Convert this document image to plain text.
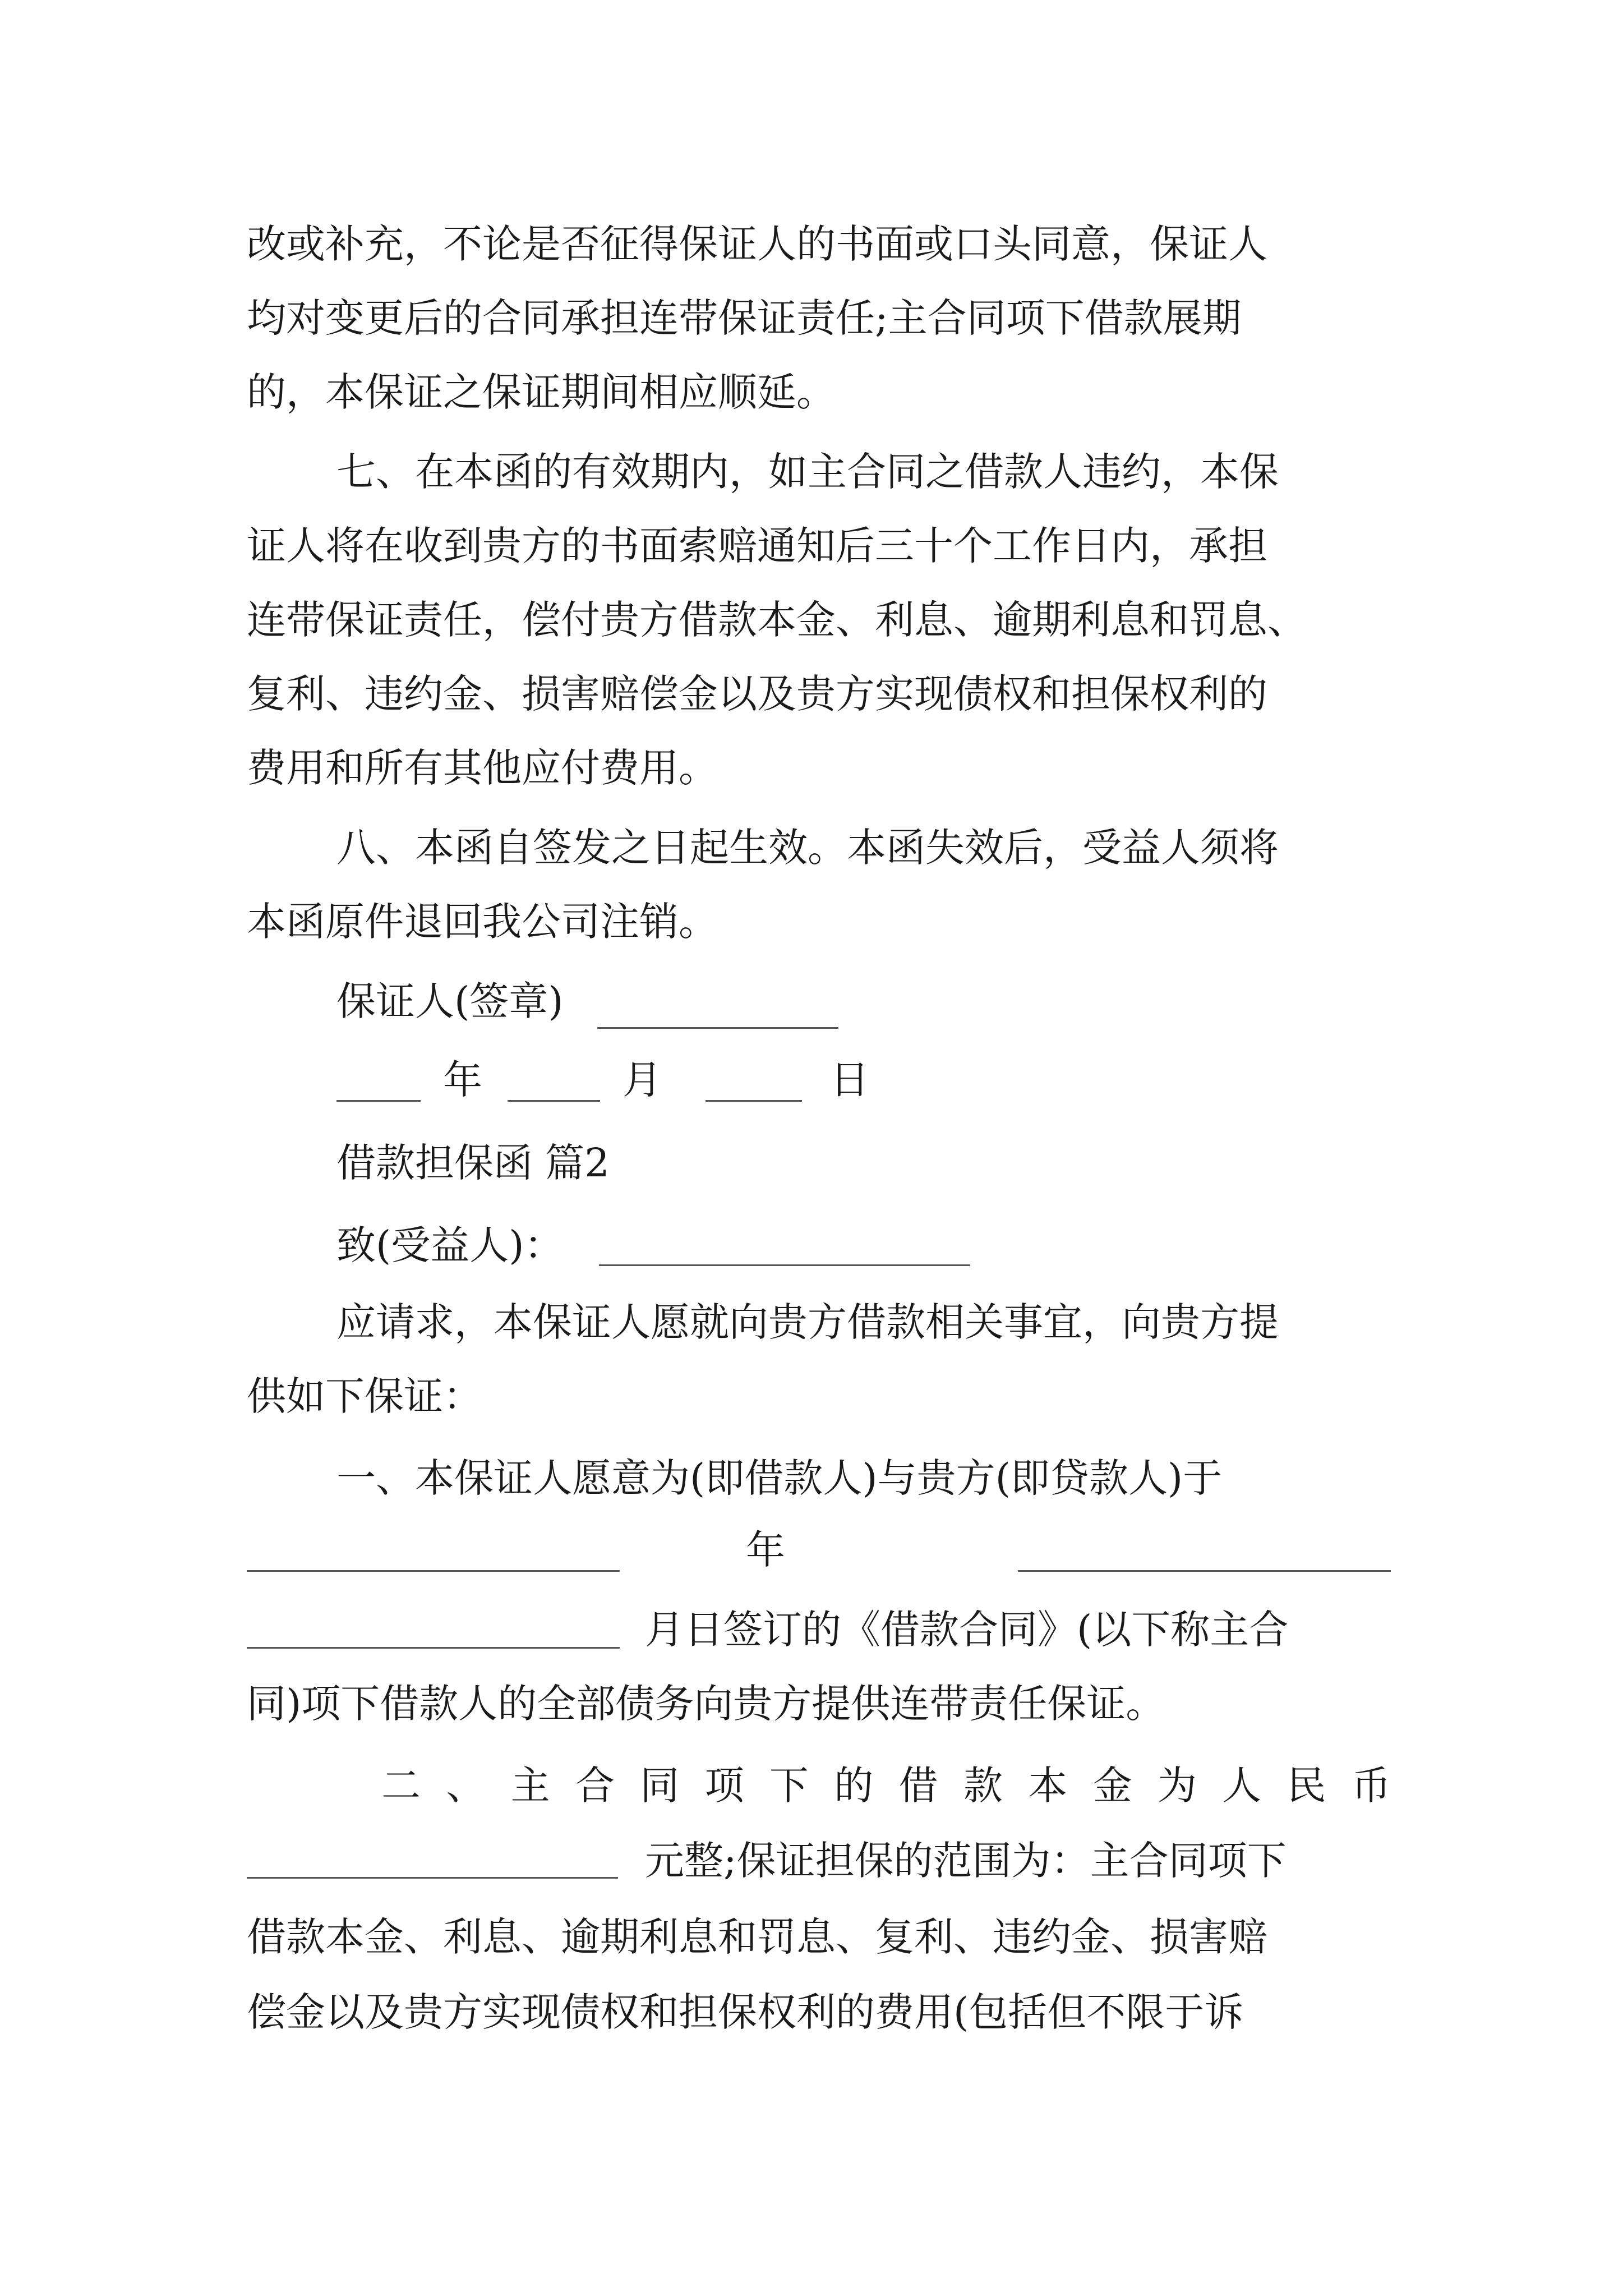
改或补充，不论是否征得保证人的书面或口头同意，保证人
均对变更后的合同承担连带保证责任;主合同项下借款展期
的，本保证之保证期间相应顺延。
七、在本函的有效期内，如主合同之借款人违约，本保
证人将在收到贵方的书面索赔通知后三十个工作日内，承担
连带保证责任，偿付贵方借款本金、利息、逾期利息和罚息、
复利、违约金、损害赔偿金以及贵方实现债权和担保权利的
费用和所有其他应付费用。
八、本函自签发之日起生效。本函失效后，受益人须将
本函原件退回我公司注销。
保证人(签章)
年	月	日
借款担保函 篇2
致(受益人)：
应请求，本保证人愿就向贵方借款相关事宜，向贵方提
供如下保证：
一、本保证人愿意为(即借款人)与贵方(即贷款人)于
年
月日签订的《借款合同》(以下称主合
同)项下借款人的全部债务向贵方提供连带责任保证。
二 、 主 合 同 项 下 的 借 款 本 金 为 人 民 币
元整;保证担保的范围为：主合同项下
借款本金、利息、逾期利息和罚息、复利、违约金、损害赔
偿金以及贵方实现债权和担保权利的费用(包括但不限于诉
